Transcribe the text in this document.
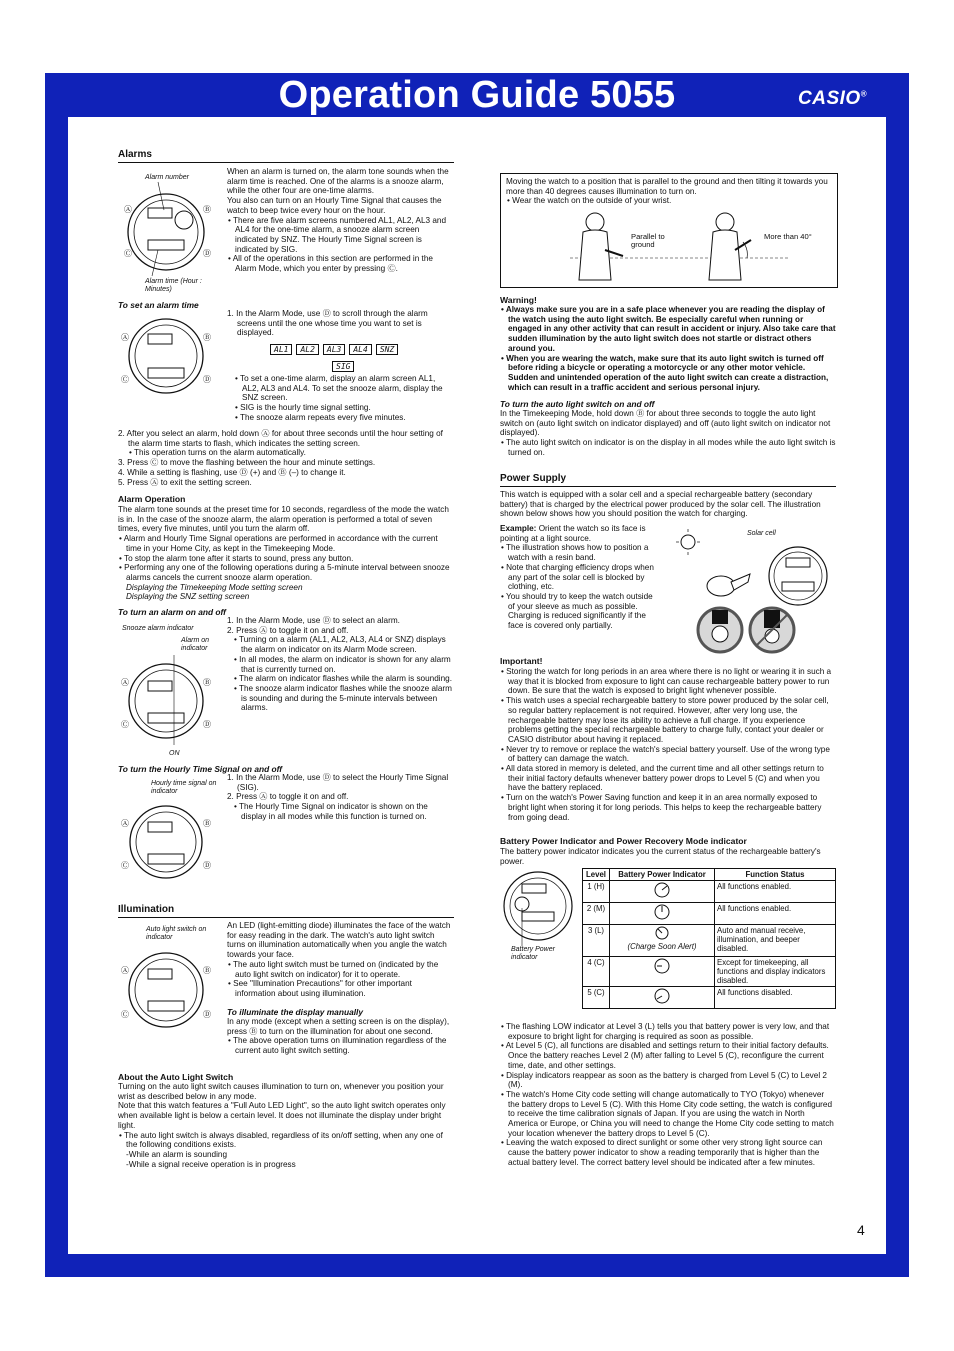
Operation Guide 5055	CASIO®
Alarms
Ⓐ	Ⓑ
Ⓒ	Ⓓ
Alarm number
Alarm time (Hour : Minutes)

When an alarm is turned on, the alarm tone sounds when the alarm time is reached. One of the alarms is a snooze alarm, while the other four are one-time alarms.

You also can turn on an Hourly Time Signal that causes the watch to beep twice every hour on the hour.

• There are five alarm screens numbered AL1, AL2, AL3 and AL4 for the one-time alarm, a snooze alarm screen indicated by SNZ. The Hourly Time Signal screen is indicated by SIG.

• All of the operations in this section are performed in the Alarm Mode, which you enter by pressing Ⓒ.

To set an alarm time
Ⓐ	Ⓑ
Ⓒ	Ⓓ

1. In the Alarm Mode, use Ⓓ to scroll through the alarm screens until the one whose time you want to set is displayed.

AL1	AL2	AL3	AL4	SNZ
SIG

• To set a one-time alarm, display an alarm screen AL1, AL2, AL3 and AL4. To set the snooze alarm, display the SNZ screen.

• SIG is the hourly time signal setting.

• The snooze alarm repeats every five minutes.

2. After you select an alarm, hold down Ⓐ for about three seconds until the hour setting of the alarm time starts to flash, which indicates the setting screen.

• This operation turns on the alarm automatically.

3. Press Ⓒ to move the flashing between the hour and minute settings.

4. While a setting is flashing, use Ⓓ (+) and Ⓑ (–) to change it.

5. Press Ⓐ to exit the setting screen.

Alarm Operation

The alarm tone sounds at the preset time for 10 seconds, regardless of the mode the watch is in. In the case of the snooze alarm, the alarm operation is performed a total of seven times, every five minutes, until you turn the alarm off.

• Alarm and Hourly Time Signal operations are performed in accordance with the current time in your Home City, as kept in the Timekeeping Mode.

• To stop the alarm tone after it starts to sound, press any button.

• Performing any one of the following operations during a 5-minute interval between snooze alarms cancels the current snooze alarm operation.

Displaying the Timekeeping Mode setting screen

Displaying the SNZ setting screen

To turn an alarm on and off
Snooze alarm indicator
Alarm on indicator
Ⓐ	Ⓑ
Ⓒ	Ⓓ
ON

1. In the Alarm Mode, use Ⓓ to select an alarm.

2. Press Ⓐ to toggle it on and off.

• Turning on a alarm (AL1, AL2, AL3, AL4 or SNZ) displays the alarm on indicator on its Alarm Mode screen.

• In all modes, the alarm on indicator is shown for any alarm that is currently turned on.

• The alarm on indicator flashes while the alarm is sounding.

• The snooze alarm indicator flashes while the snooze alarm is sounding and during the 5-minute intervals between alarms.

To turn the Hourly Time Signal on and off
Hourly time signal on indicator
Ⓐ	Ⓑ
Ⓒ	Ⓓ

1. In the Alarm Mode, use Ⓓ to select the Hourly Time Signal (SIG).

2. Press Ⓐ to toggle it on and off.

• The Hourly Time Signal on indicator is shown on the display in all modes while this function is turned on.

Illumination
Auto light switch on indicator
Ⓐ	Ⓑ
Ⓒ	Ⓓ

An LED (light-emitting diode) illuminates the face of the watch for easy reading in the dark. The watch's auto light switch turns on illumination automatically when you angle the watch towards your face.

• The auto light switch must be turned on (indicated by the auto light switch on indicator) for it to operate.

• See "Illumination Precautions" for other important information about using illumination.

To illuminate the display manually

In any mode (except when a setting screen is on the display), press Ⓑ to turn on the illumination for about one second.

• The above operation turns on illumination regardless of the current auto light switch setting.

About the Auto Light Switch

Turning on the auto light switch causes illumination to turn on, whenever you position your wrist as described below in any mode.

Note that this watch features a "Full Auto LED Light", so the auto light switch operates only when available light is below a certain level. It does not illuminate the display under bright light.

• The auto light switch is always disabled, regardless of its on/off setting, when any one of the following conditions exists.

-While an alarm is sounding

-While a signal receive operation is in progress

Moving the watch to a position that is parallel to the ground and then tilting it towards you more than 40 degrees causes illumination to turn on.

• Wear the watch on the outside of your wrist.

Parallel to ground
More than 40°
Warning!

• Always make sure you are in a safe place whenever you are reading the display of the watch using the auto light switch. Be especially careful when running or engaged in any other activity that can result in accident or injury. Also take care that sudden illumination by the auto light switch does not startle or distract others around you.

• When you are wearing the watch, make sure that its auto light switch is turned off before riding a bicycle or operating a motorcycle or any other motor vehicle. Sudden and unintended operation of the auto light switch can create a distraction, which can result in a traffic accident and serious personal injury.

To turn the auto light switch on and off

In the Timekeeping Mode, hold down Ⓑ for about three seconds to toggle the auto light switch on (auto light switch on indicator displayed) and off (auto light switch on indicator not displayed).

• The auto light switch on indicator is on the display in all modes while the auto light switch is turned on.

Power Supply

This watch is equipped with a solar cell and a special rechargeable battery (secondary battery) that is charged by the electrical power produced by the solar cell. The illustration shown below shows how you should position the watch for charging.

Example: Orient the watch so its face is pointing at a light source.

• The illustration shows how to position a watch with a resin band.

• Note that charging efficiency drops when any part of the solar cell is blocked by clothing, etc.

• You should try to keep the watch outside of your sleeve as much as possible. Charging is reduced significantly if the face is covered only partially.

Solar cell
Important!

• Storing the watch for long periods in an area where there is no light or wearing it in such a way that it is blocked from exposure to light can cause rechargeable battery power to run down. Be sure that the watch is exposed to bright light whenever possible.

• This watch uses a special rechargeable battery to store power produced by the solar cell, so regular battery replacement is not required. However, after very long use, the rechargeable battery may lose its ability to achieve a full charge. If you experience problems getting the special rechargeable battery to charge fully, contact your dealer or CASIO distributor about having it replaced.

• Never try to remove or replace the watch's special battery yourself. Use of the wrong type of battery can damage the watch.

• All data stored in memory is deleted, and the current time and all other settings return to their initial factory defaults whenever battery power drops to Level 5 (C) and when you have the battery replaced.

• Turn on the watch's Power Saving function and keep it in an area normally exposed to bright light when storing it for long periods. This helps to keep the rechargeable battery from going dead.

Battery Power Indicator and Power Recovery Mode indicator

The battery power indicator indicates you the current status of the rechargeable battery's power.

Battery Power indicator
Level	Battery Power Indicator	Function Status
1 (H)		All functions enabled.
2 (M)		All functions enabled.
3 (L)	(Charge Soon Alert)	Auto and manual receive, illumination, and beeper disabled.
4 (C)		Except for timekeeping, all functions and display indicators disabled.
5 (C)		All functions disabled.

• The flashing LOW indicator at Level 3 (L) tells you that battery power is very low, and that exposure to bright light for charging is required as soon as possible.

• At Level 5 (C), all functions are disabled and settings return to their initial factory defaults. Once the battery reaches Level 2 (M) after falling to Level 5 (C), reconfigure the current time, date, and other settings.

• Display indicators reappear as soon as the battery is charged from Level 5 (C) to Level 2 (M).

• The watch's Home City code setting will change automatically to TYO (Tokyo) whenever the battery drops to Level 5 (C). With this Home City code setting, the watch is configured to receive the time calibration signals of Japan. If you are using the watch in North America or Europe, or China you will need to change the Home City code setting to match your location whenever the battery drops to Level 5 (C).

• Leaving the watch exposed to direct sunlight or some other very strong light source can cause the battery power indicator to show a reading temporarily that is higher than the actual battery level. The correct battery level should be indicated after a few minutes.

4
